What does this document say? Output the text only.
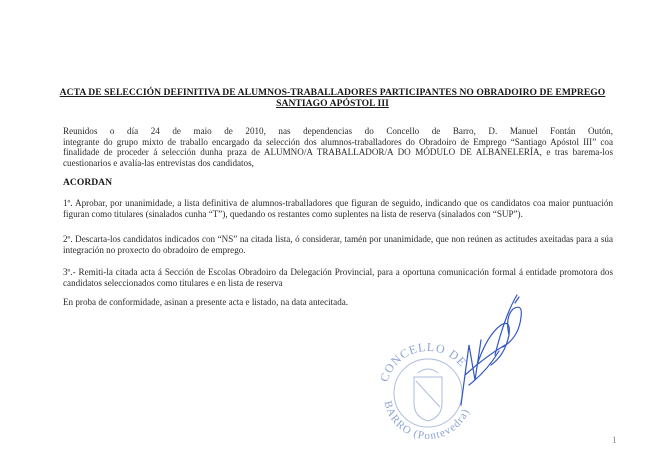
ACTA DE SELECCIÓN DEFINITIVA DE ALUMNOS-TRABALLADORES PARTICIPANTES NO OBRADOIRO DE EMPREGO
SANTIAGO APÓSTOL III
Reunidos o día 24 de maio de 2010, nas dependencias do Concello de Barro, D. Manuel Fontán Outón,
integrante do grupo mixto de traballo encargado da selección dos alumnos-traballadores do Obradoiro de Emprego “Santiago Apóstol III” coa finalidade de proceder á selección dunha praza de ALUMNO/A TRABALLADOR/A DO MÓDULO DE ALBANELERÍA, e tras barema-los cuestionarios e avalía-las entrevistas dos candidatos,
ACORDAN
1º. Aprobar, por unanimidade, a lista definitiva de alumnos-traballadores que figuran de seguido, indicando que os candidatos coa maior puntuación figuran como titulares (sinalados cunha “T”), quedando os restantes como suplentes na lista de reserva (sinalados con “SUP”).
2º. Descarta-los candidatos indicados con “NS” na citada lista, ó considerar, tamén por unanimidade, que non reúnen as actitudes axeitadas para a súa integración no proxecto do obradoiro de emprego.
3º.- Remiti-la citada acta á Sección de Escolas Obradoiro da Delegación Provincial, para a oportuna comunicación formal á entidade promotora dos candidatos seleccionados como titulares e en lista de reserva
En proba de conformidade, asinan a presente acta e listado, na data antecitada.
CONCELLO DE
BARRO (Pontevedra)
1
